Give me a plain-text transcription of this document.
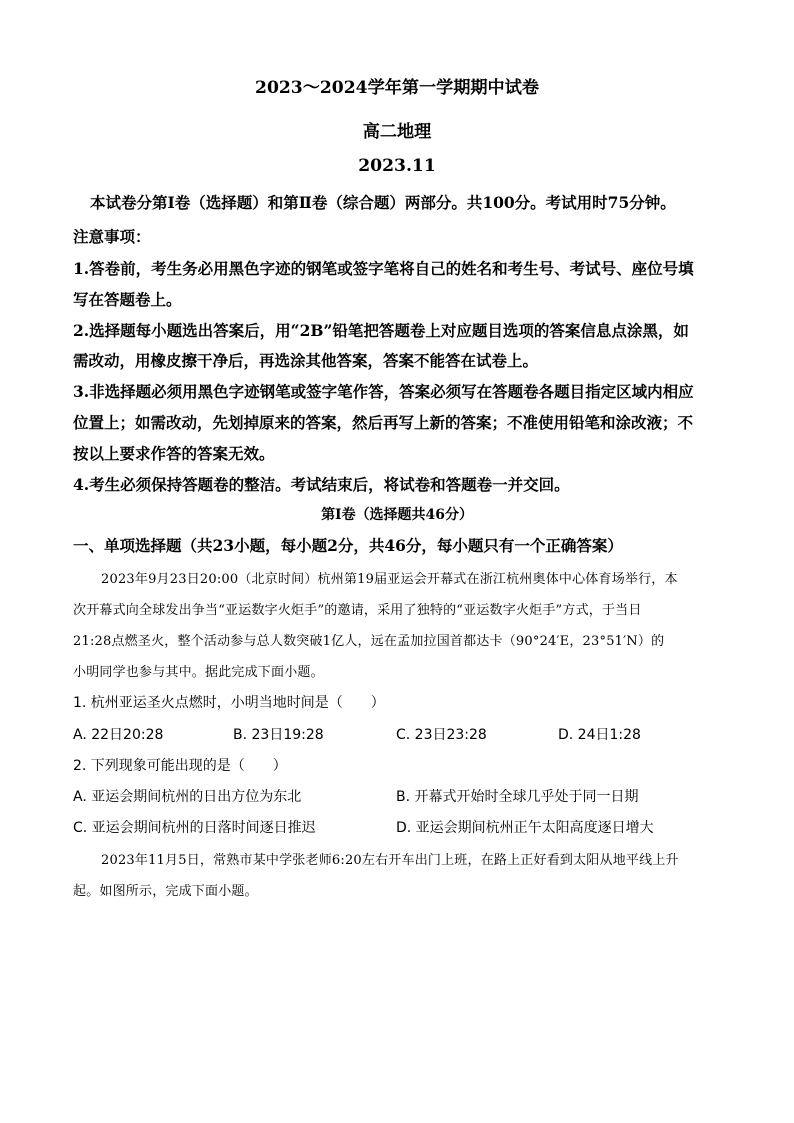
2023～2024学年第一学期期中试卷
高二地理
2023.11
本试卷分第Ⅰ卷（选择题）和第Ⅱ卷（综合题）两部分。共100分。考试用时75分钟。
注意事项：
1.答卷前，考生务必用黑色字迹的钢笔或签字笔将自己的姓名和考生号、考试号、座位号填
写在答题卷上。
2.选择题每小题选出答案后，用“2B”铅笔把答题卷上对应题目选项的答案信息点涂黑，如
需改动，用橡皮擦干净后，再选涂其他答案，答案不能答在试卷上。
3.非选择题必须用黑色字迹钢笔或签字笔作答，答案必须写在答题卷各题目指定区域内相应
位置上；如需改动，先划掉原来的答案，然后再写上新的答案；不准使用铅笔和涂改液；不
按以上要求作答的答案无效。
4.考生必须保持答题卷的整洁。考试结束后，将试卷和答题卷一并交回。
第Ⅰ卷（选择题共46分）
一、单项选择题（共23小题，每小题2分，共46分，每小题只有一个正确答案）
2023年9月23日20:00（北京时间）杭州第19届亚运会开幕式在浙江杭州奥体中心体育场举行，本
次开幕式向全球发出争当“亚运数字火炬手”的邀请，采用了独特的“亚运数字火炬手”方式，于当日
21:28点燃圣火，整个活动参与总人数突破1亿人，远在孟加拉国首都达卡（90°24′E，23°51′N）的
小明同学也参与其中。据此完成下面小题。
1. 杭州亚运圣火点燃时，小明当地时间是（　　）
A. 22日20:28	B. 23日19:28	C. 23日23:28	D. 24日1:28
2. 下列现象可能出现的是（　　）
A. 亚运会期间杭州的日出方位为东北	B. 开幕式开始时全球几乎处于同一日期
C. 亚运会期间杭州的日落时间逐日推迟	D. 亚运会期间杭州正午太阳高度逐日增大
2023年11月5日，常熟市某中学张老师6:20左右开车出门上班，在路上正好看到太阳从地平线上升
起。如图所示，完成下面小题。
